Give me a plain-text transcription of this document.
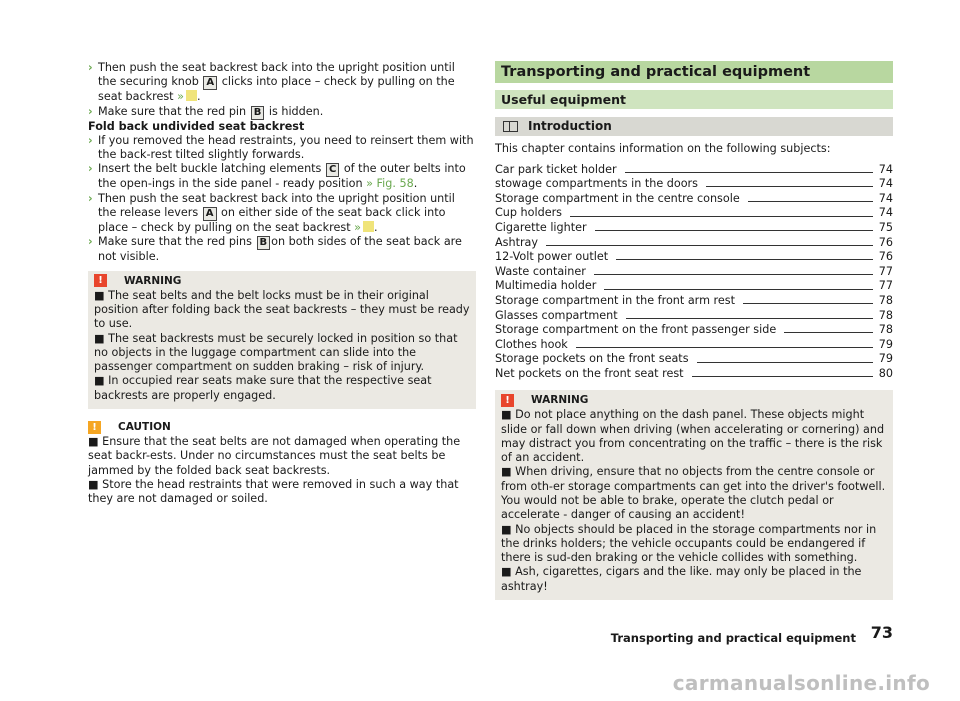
› Then push the seat backrest back into the upright position until the securing knob A clicks into place – check by pulling on the seat backrest » .
› Make sure that the red pin B is hidden.
Fold back undivided seat backrest
› If you removed the head restraints, you need to reinsert them with the back-rest tilted slightly forwards.
› Insert the belt buckle latching elements C of the outer belts into the open-ings in the side panel - ready position » Fig. 58.
› Then push the seat backrest back into the upright position until the release levers A on either side of the seat back click into place – check by pulling on the seat backrest » .
› Make sure that the red pins B on both sides of the seat back are not visible.
!	WARNING

■ The seat belts and the belt locks must be in their original position after folding back the seat backrests – they must be ready to use.

■ The seat backrests must be securely locked in position so that no objects in the luggage compartment can slide into the passenger compartment on sudden braking – risk of injury.

■ In occupied rear seats make sure that the respective seat backrests are properly engaged.

!	CAUTION

■ Ensure that the seat belts are not damaged when operating the seat backr-ests. Under no circumstances must the seat belts be jammed by the folded back seat backrests.

■ Store the head restraints that were removed in such a way that they are not damaged or soiled.

Transporting and practical equipment
Useful equipment
Introduction
This chapter contains information on the following subjects:
Car park ticket holder	74
stowage compartments in the doors	74
Storage compartment in the centre console	74
Cup holders	74
Cigarette lighter	75
Ashtray	76
12-Volt power outlet	76
Waste container	77
Multimedia holder	77
Storage compartment in the front arm rest	78
Glasses compartment	78
Storage compartment on the front passenger side	78
Clothes hook	79
Storage pockets on the front seats	79
Net pockets on the front seat rest	80
!	WARNING

■ Do not place anything on the dash panel. These objects might slide or fall down when driving (when accelerating or cornering) and may distract you from concentrating on the traffic – there is the risk of an accident.

■ When driving, ensure that no objects from the centre console or from oth-er storage compartments can get into the driver's footwell. You would not be able to brake, operate the clutch pedal or accelerate - danger of causing an accident!

■ No objects should be placed in the storage compartments nor in the drinks holders; the vehicle occupants could be endangered if there is sud-den braking or the vehicle collides with something.

■ Ash, cigarettes, cigars and the like. may only be placed in the ashtray!

Transporting and practical equipment 73
carmanualsonline.info
